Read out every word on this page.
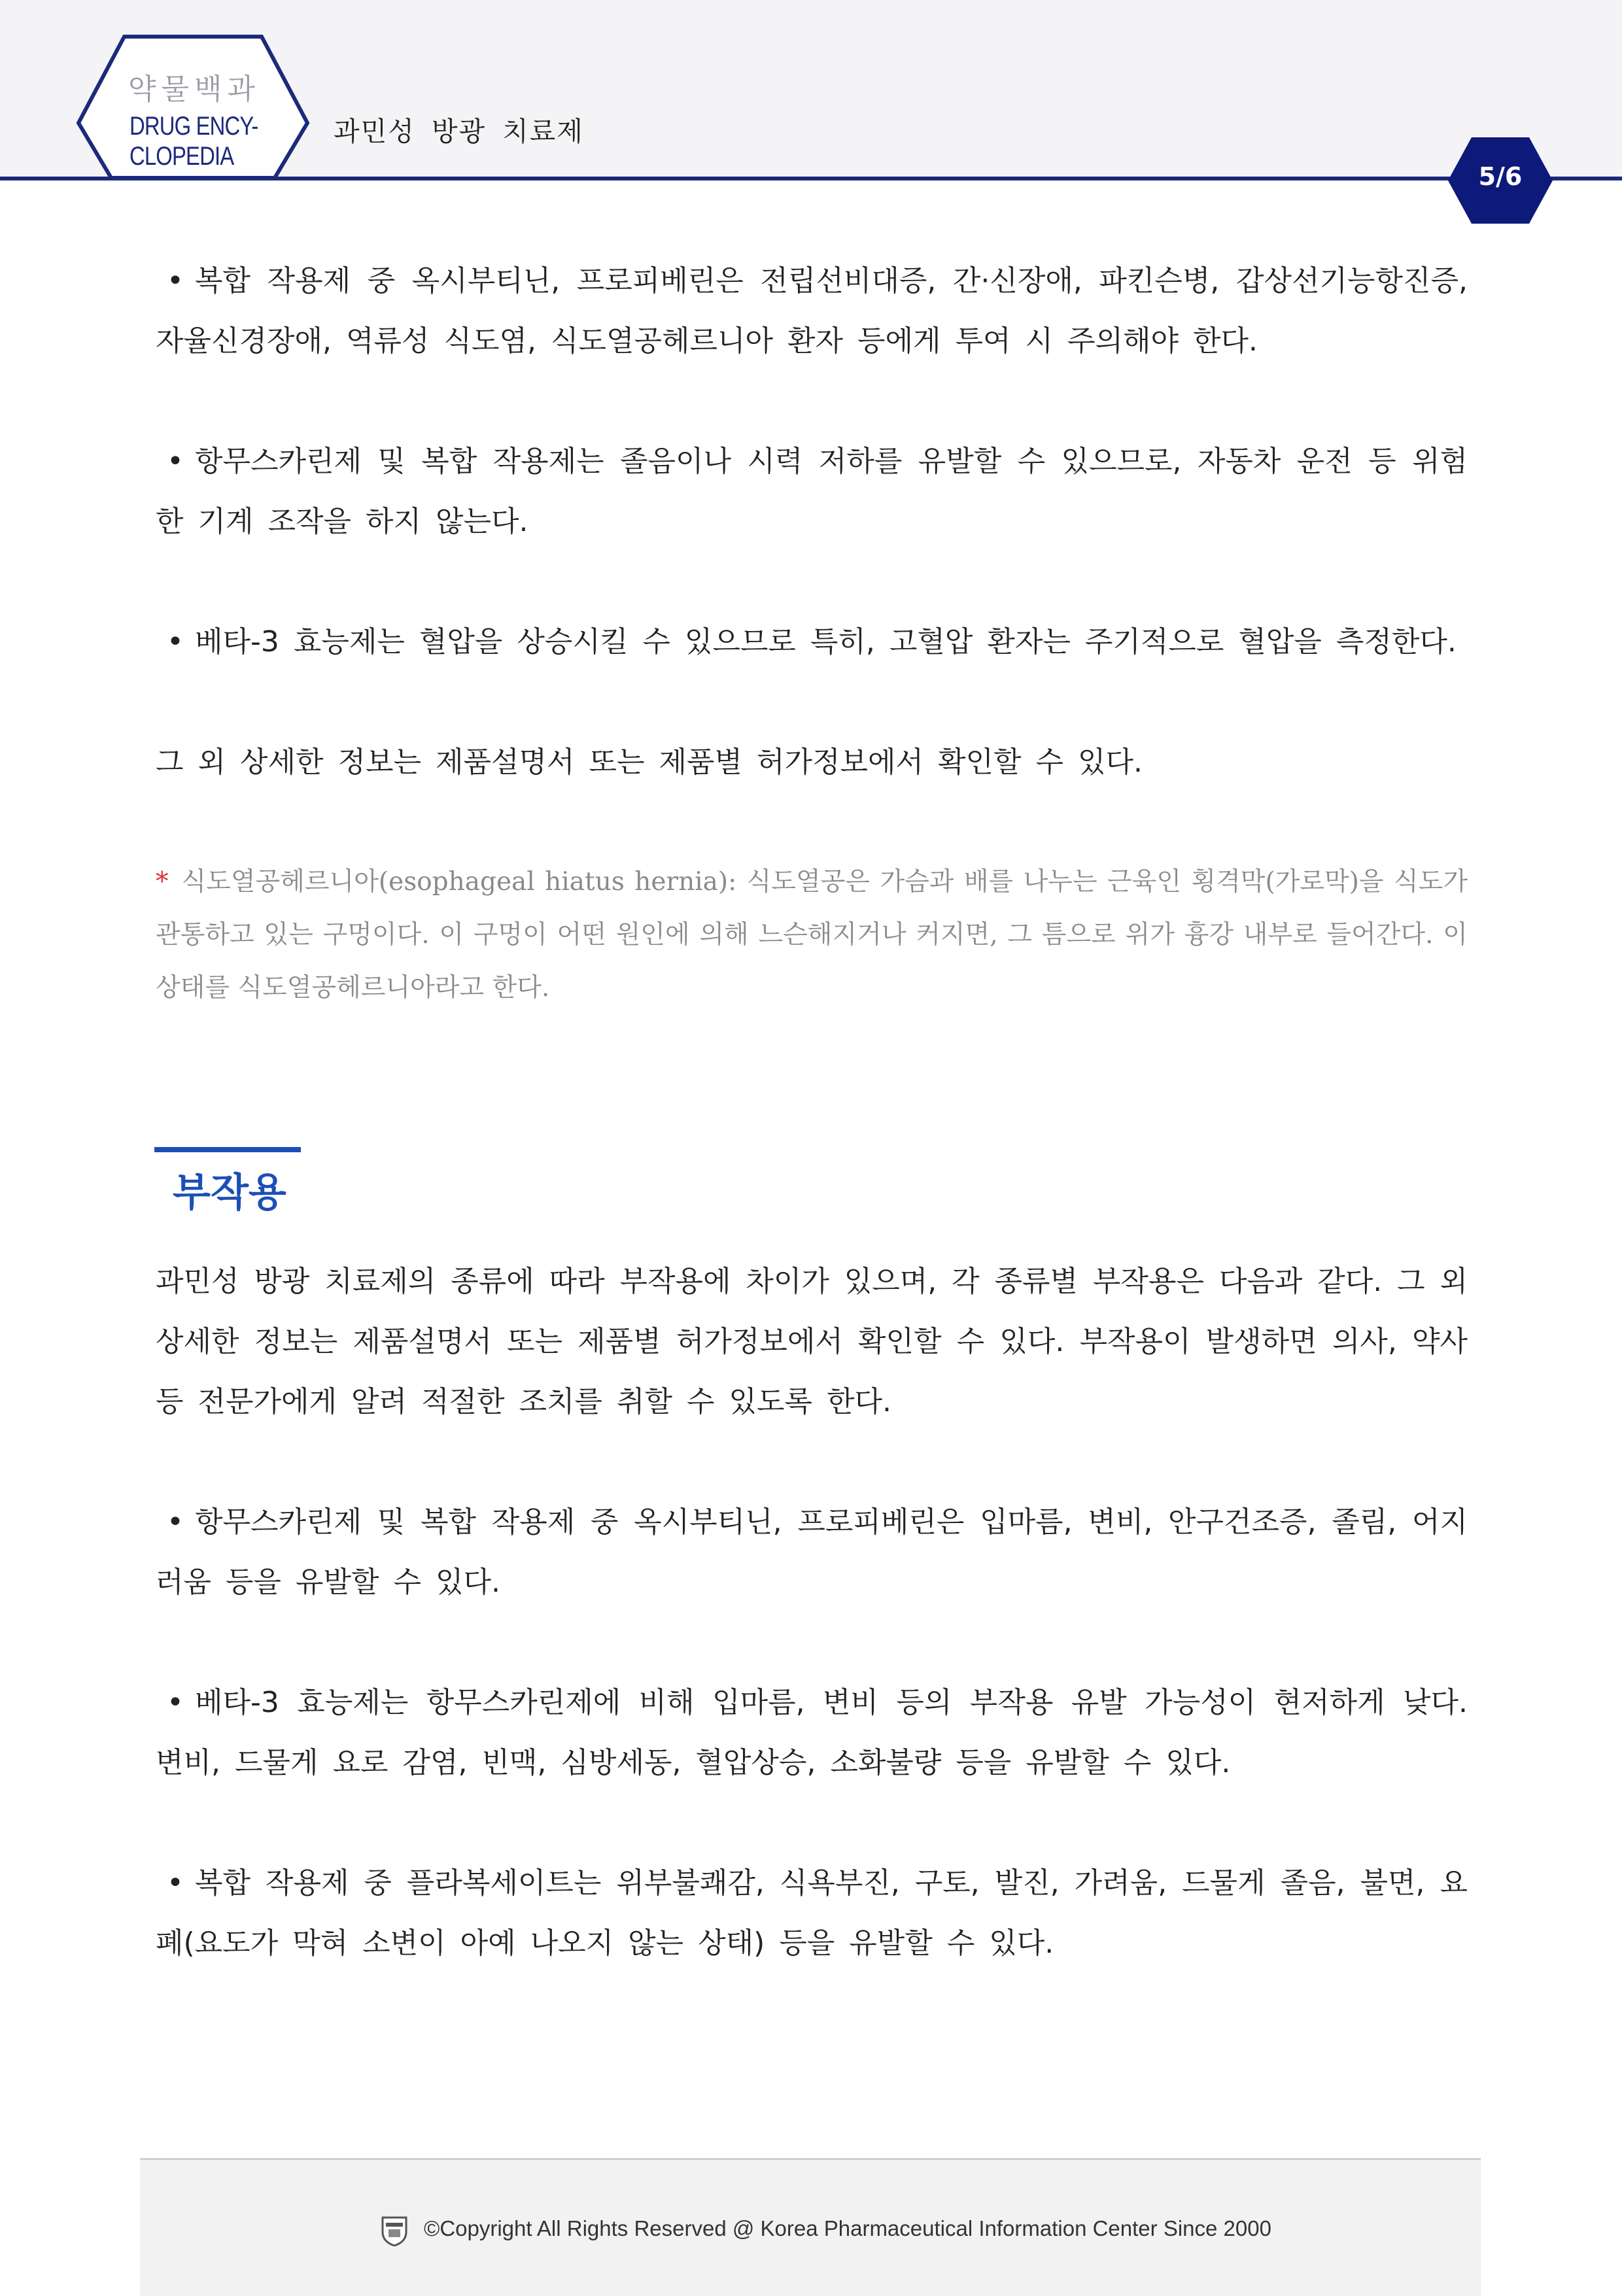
약물백과
DRUG ENCY-
CLOPEDIA
과민성 방광 치료제
5/6
• 복합 작용제 중 옥시부티닌, 프로피베린은 전립선비대증, 간·신장애, 파킨슨병, 갑상선기능항진증, 자율신경장애, 역류성 식도염, 식도열공헤르니아 환자 등에게 투여 시 주의해야 한다.
• 항무스카린제 및 복합 작용제는 졸음이나 시력 저하를 유발할 수 있으므로, 자동차 운전 등 위험한 기계 조작을 하지 않는다.
• 베타-3 효능제는 혈압을 상승시킬 수 있으므로 특히, 고혈압 환자는 주기적으로 혈압을 측정한다.
그 외 상세한 정보는 제품설명서 또는 제품별 허가정보에서 확인할 수 있다.
* 식도열공헤르니아(esophageal hiatus hernia): 식도열공은 가슴과 배를 나누는 근육인 횡격막(가로막)을 식도가 관통하고 있는 구멍이다. 이 구멍이 어떤 원인에 의해 느슨해지거나 커지면, 그 틈으로 위가 흉강 내부로 들어간다. 이 상태를 식도열공헤르니아라고 한다.
부작용
과민성 방광 치료제의 종류에 따라 부작용에 차이가 있으며, 각 종류별 부작용은 다음과 같다. 그 외 상세한 정보는 제품설명서 또는 제품별 허가정보에서 확인할 수 있다. 부작용이 발생하면 의사, 약사 등 전문가에게 알려 적절한 조치를 취할 수 있도록 한다.
• 항무스카린제 및 복합 작용제 중 옥시부티닌, 프로피베린은 입마름, 변비, 안구건조증, 졸림, 어지러움 등을 유발할 수 있다.
• 베타-3 효능제는 항무스카린제에 비해 입마름, 변비 등의 부작용 유발 가능성이 현저하게 낮다. 변비, 드물게 요로 감염, 빈맥, 심방세동, 혈압상승, 소화불량 등을 유발할 수 있다.
• 복합 작용제 중 플라복세이트는 위부불쾌감, 식욕부진, 구토, 발진, 가려움, 드물게 졸음, 불면, 요폐(요도가 막혀 소변이 아예 나오지 않는 상태) 등을 유발할 수 있다.
©Copyright All Rights Reserved @ Korea Pharmaceutical Information Center Since 2000
